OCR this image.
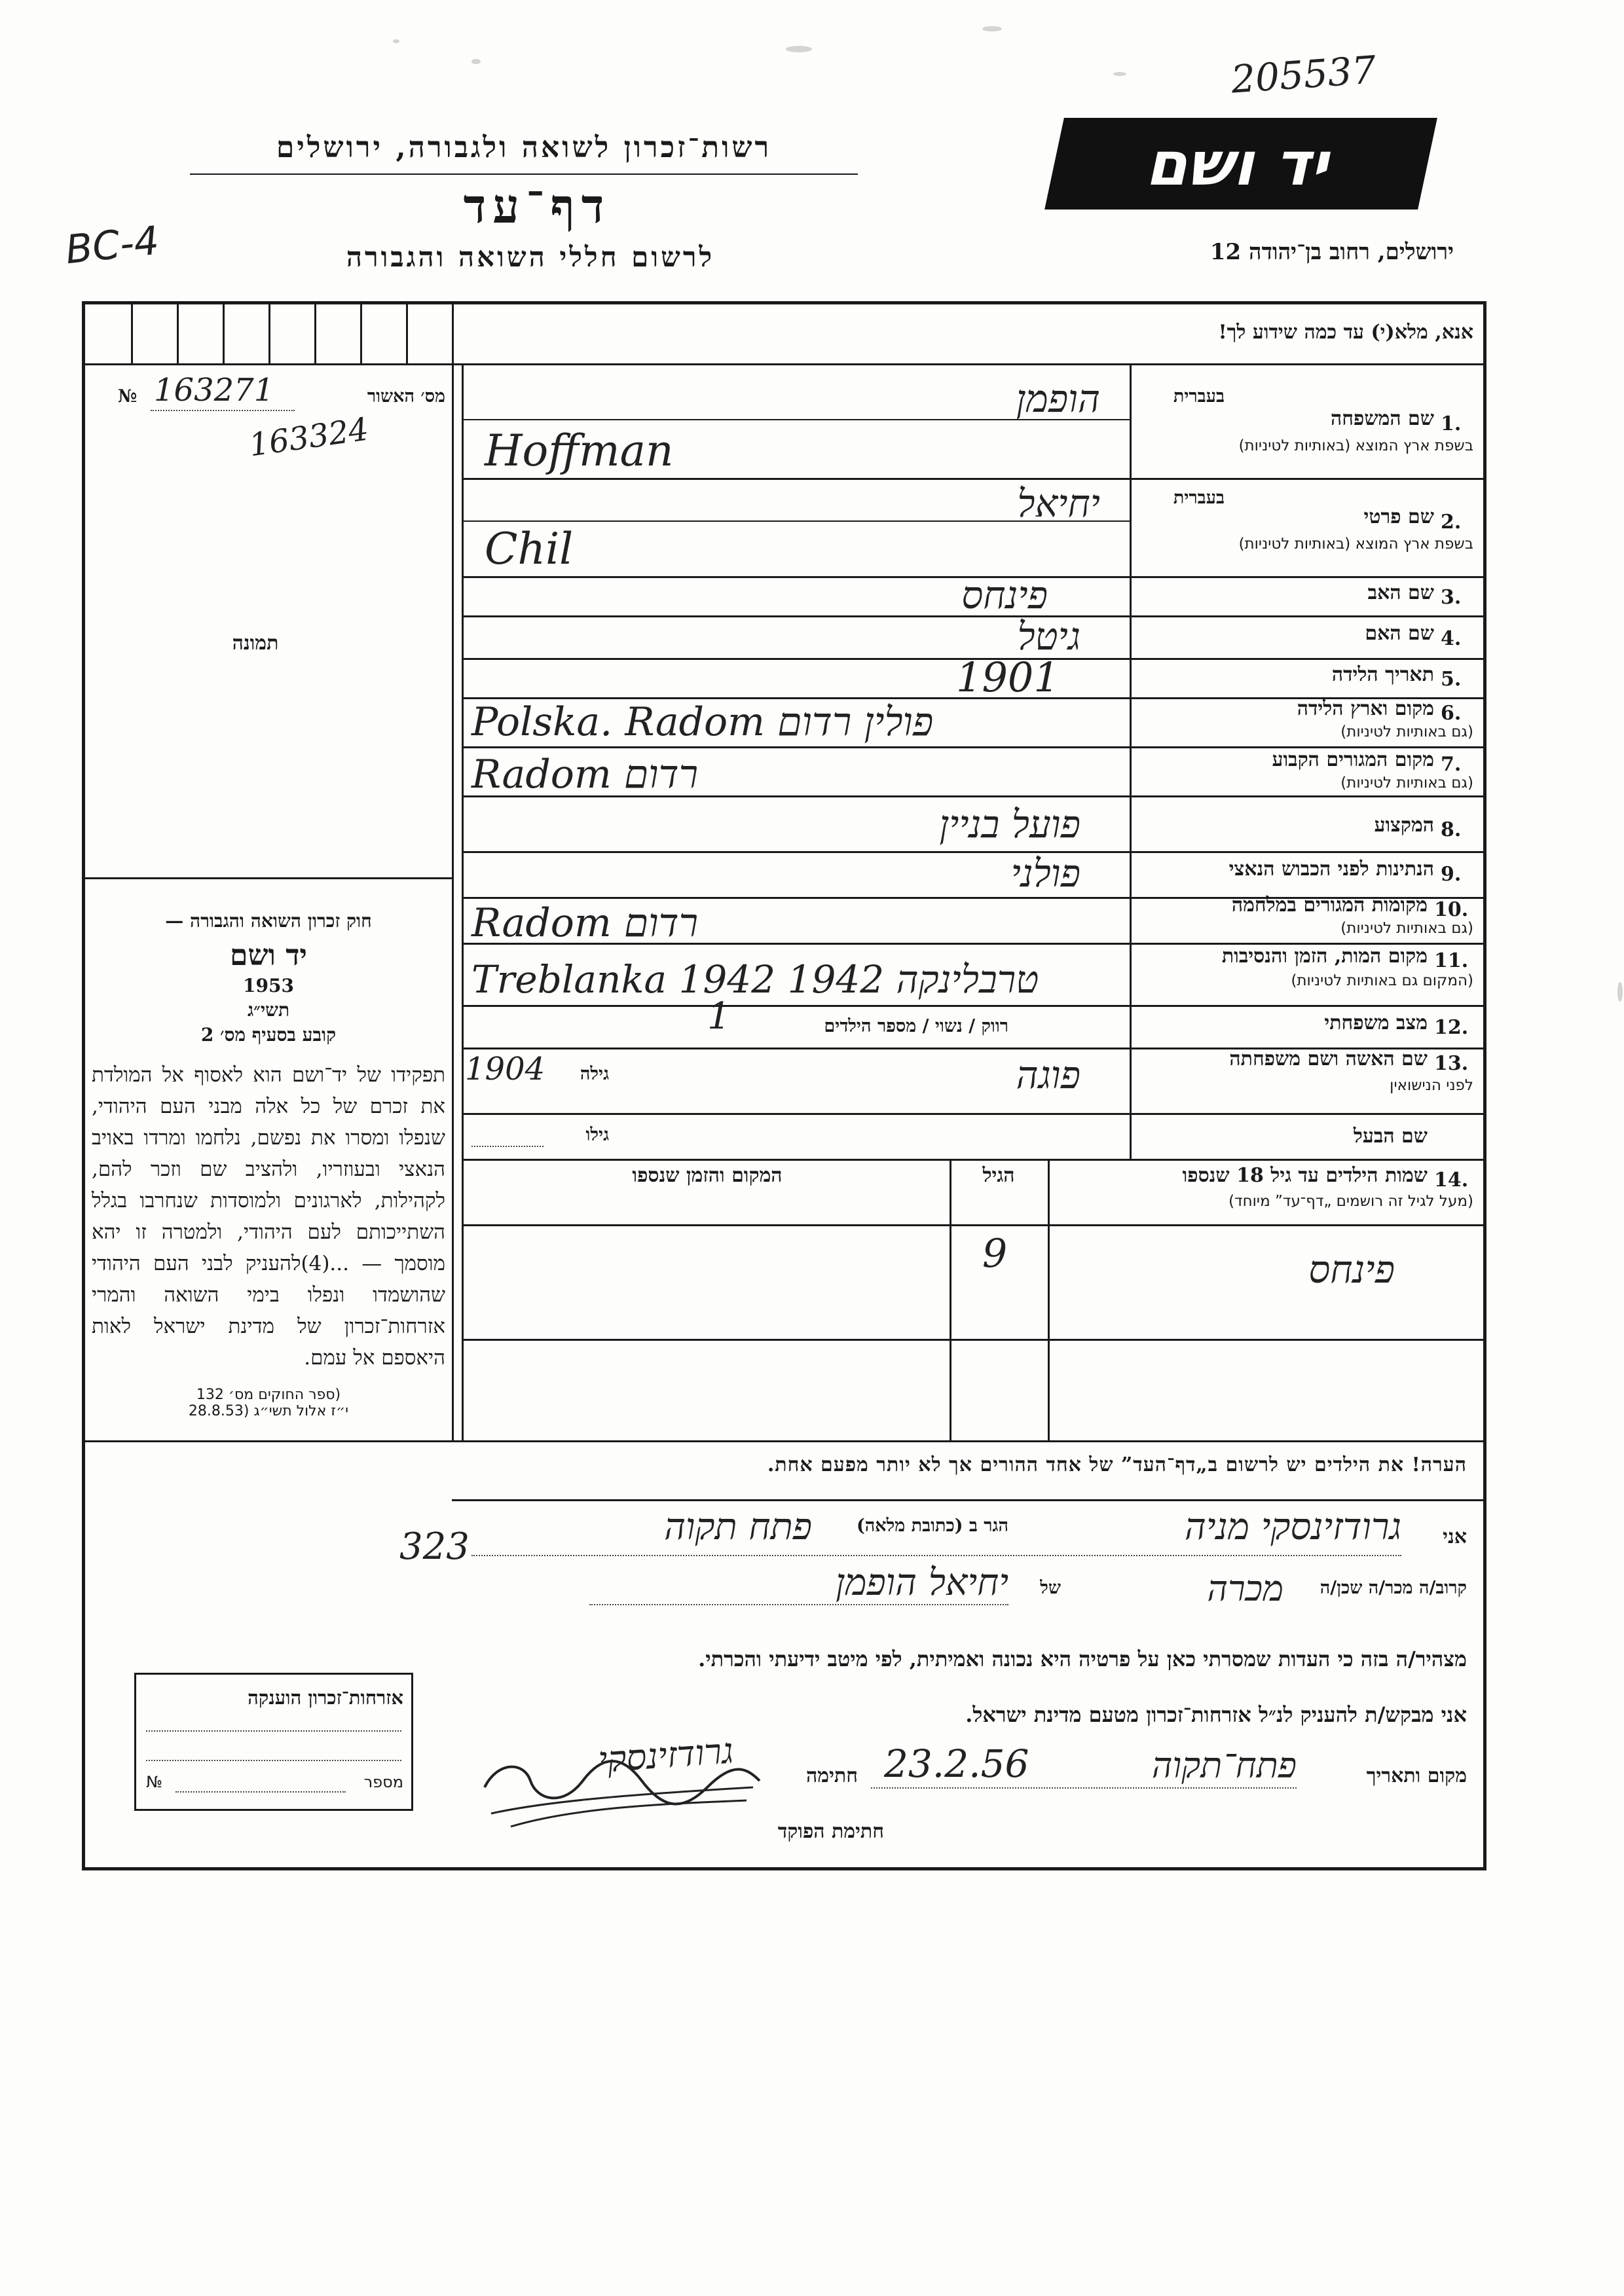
205537
יד ושם
רשות־זכרון לשואה ולגבורה, ירושלים
דף־עד
לרשום חללי השואה והגבורה	ירושלים, רחוב בן־יהודה 12
BC-4
מס׳ האשור
№ 163271
163324
תמונה

חוק זכרון השואה והגבורה —

יד ושם

1953

תשי״ג

קובע בסעיף מס׳ 2

תפקידו של יד־ושם הוא לאסוף אל המולדת את זכרם של כל אלה מבני העם היהודי, שנפלו ומסרו את נפשם, נלחמו ומרדו באויב הנאצי ובעוזריו, ולהציב שם וזכר להם, לקהילות, לארגונים ולמוסדות שנחרבו בגלל השתייכותם לעם היהודי, ולמטרה זו יהא מוסמך — ...(4)להעניק לבני העם היהודי שהושמדו ונפלו בימי השואה והמרי אזרחות־זכרון של מדינת ישראל לאות היאספם אל עמם.

(ספר החוקים מס׳ 132

י״ז אלול תשי״ג (28.8.53

אנא, מלא(י) עד כמה שידוע לך!
בעברית
1.
שם המשפחה
בשפת ארץ המוצא (באותיות לטיניות)
הופמן
Hoffman
בעברית
2.
שם פרטי
בשפת ארץ המוצא (באותיות לטיניות)
יחיאל
Chil
3.
שם האב
פינחס
4.
שם האם
גיטל
5.
תאריך הלידה
1901
6.
מקום וארץ הלידה
(גם באותיות לטיניות)
Polska. Radom פולין רדום
7.
מקום המגורים הקבוע
(גם באותיות לטיניות)
Radom רדום
8.
המקצוע
פועל בניין
9.
הנתינות לפני הכבוש הנאצי
פולני
10.
מקומות המגורים במלחמה
(גם באותיות לטיניות)
Radom רדום
11.
מקום המות, הזמן והנסיבות
(המקום גם באותיות לטיניות)
Treblanka 1942 טרבלינקה 1942
12.
מצב משפחתי
רווק / נשוי / מספר הילדים
1
13.
שם האשה ושם משפחתה
לפני הנישואין
פוגה
גילה
1904
שם הבעל
גילו
14.
שמות הילדים עד גיל 18 שנספו
(מעל לגיל זה רושמים „דף־עד” מיוחד)
הגיל
המקום והזמן שנספו
פינחס
9
הערה! את הילדים יש לרשום ב„דף־העד” של אחד ההורים אך לא יותר מפעם אחת.
אני
גרודזינסקי מניה
הגר ב (כתובת מלאה)
פתח תקוה
323
קרוב/ה מכר/ה שכן/ה
מכרה
של
יחיאל הופמן
מצהיר/ה בזה כי העדות שמסרתי כאן על פרטיה היא נכונה ואמיתית, לפי מיטב ידיעתי והכרתי.
אני מבקש/ת להעניק לנ״ל אזרחות־זכרון מטעם מדינת ישראל.
מקום ותאריך
פתח־תקוה
23.2.56
חתימה
גרודזינסקי
חתימת הפוקד
אזרחות־זכרון הוענקה
מספר
№
